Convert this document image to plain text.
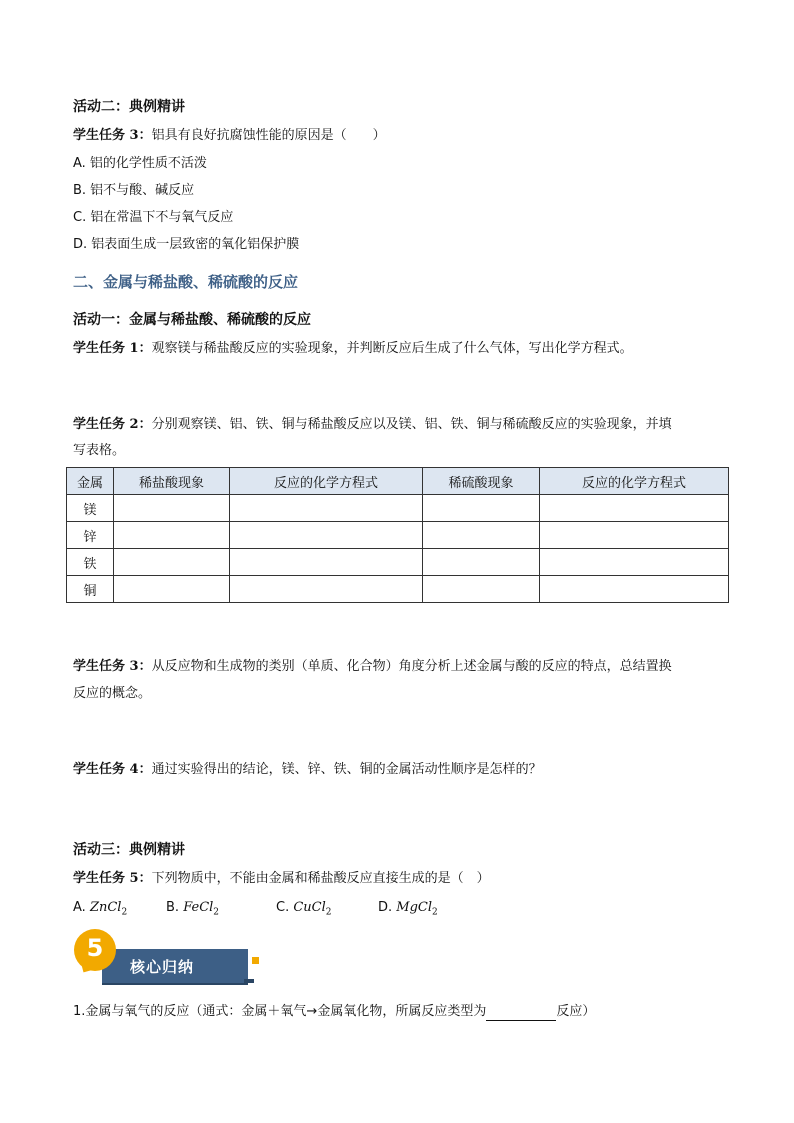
活动二：典例精讲
学生任务 3：铝具有良好抗腐蚀性能的原因是（　　）
A. 铝的化学性质不活泼
B. 铝不与酸、碱反应
C. 铝在常温下不与氧气反应
D. 铝表面生成一层致密的氧化铝保护膜
二、金属与稀盐酸、稀硫酸的反应
活动一：金属与稀盐酸、稀硫酸的反应
学生任务 1：观察镁与稀盐酸反应的实验现象，并判断反应后生成了什么气体，写出化学方程式。
学生任务 2：分别观察镁、铝、铁、铜与稀盐酸反应以及镁、铝、铁、铜与稀硫酸反应的实验现象，并填
写表格。
金属	稀盐酸现象	反应的化学方程式	稀硫酸现象	反应的化学方程式
镁				
锌				
铁				
铜				
学生任务 3：从反应物和生成物的类别（单质、化合物）角度分析上述金属与酸的反应的特点，总结置换
反应的概念。
学生任务 4：通过实验得出的结论，镁、锌、铁、铜的金属活动性顺序是怎样的？
活动三：典例精讲
学生任务 5：下列物质中，不能由金属和稀盐酸反应直接生成的是（　）
A. ZnCl$_2$	B. FeCl$_2$	C. CuCl$_2$	D. MgCl$_2$
核心归纳
5
1.金属与氧气的反应（通式：金属＋氧气→金属氧化物，所属反应类型为	反应）
